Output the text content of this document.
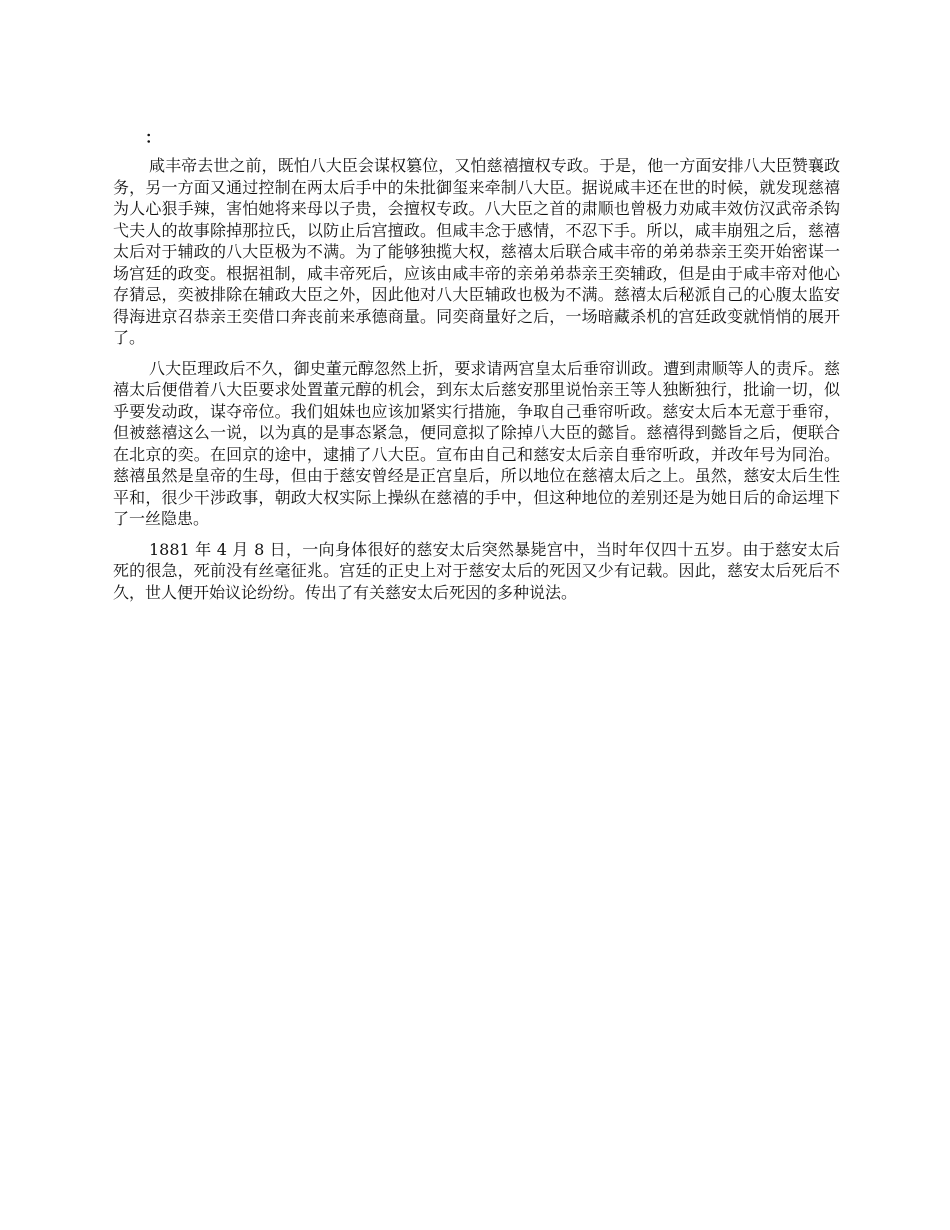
：

咸丰帝去世之前，既怕八大臣会谋权篡位，又怕慈禧擅权专政。于是，他一方面安排八大臣赞襄政务，另一方面又通过控制在两太后手中的朱批御玺来牵制八大臣。据说咸丰还在世的时候，就发现慈禧为人心狠手辣，害怕她将来母以子贵，会擅权专政。八大臣之首的肃顺也曾极力劝咸丰效仿汉武帝杀钩弋夫人的故事除掉那拉氏，以防止后宫擅政。但咸丰念于感情，不忍下手。所以，咸丰崩殂之后，慈禧太后对于辅政的八大臣极为不满。为了能够独揽大权，慈禧太后联合咸丰帝的弟弟恭亲王奕开始密谋一场宫廷的政变。根据祖制，咸丰帝死后，应该由咸丰帝的亲弟弟恭亲王奕辅政，但是由于咸丰帝对他心存猜忌，奕被排除在辅政大臣之外，因此他对八大臣辅政也极为不满。慈禧太后秘派自己的心腹太监安得海进京召恭亲王奕借口奔丧前来承德商量。同奕商量好之后，一场暗藏杀机的宫廷政变就悄悄的展开了。

八大臣理政后不久，御史董元醇忽然上折，要求请两宫皇太后垂帘训政。遭到肃顺等人的责斥。慈禧太后便借着八大臣要求处置董元醇的机会，到东太后慈安那里说怡亲王等人独断独行，批谕一切，似乎要发动政，谋夺帝位。我们姐妹也应该加紧实行措施，争取自己垂帘听政。慈安太后本无意于垂帘，但被慈禧这么一说，以为真的是事态紧急，便同意拟了除掉八大臣的懿旨。慈禧得到懿旨之后，便联合在北京的奕。在回京的途中，逮捕了八大臣。宣布由自己和慈安太后亲自垂帘听政，并改年号为同治。慈禧虽然是皇帝的生母，但由于慈安曾经是正宫皇后，所以地位在慈禧太后之上。虽然，慈安太后生性平和，很少干涉政事，朝政大权实际上操纵在慈禧的手中，但这种地位的差别还是为她日后的命运埋下了一丝隐患。

1881 年 4 月 8 日，一向身体很好的慈安太后突然暴毙宫中，当时年仅四十五岁。由于慈安太后死的很急，死前没有丝毫征兆。宫廷的正史上对于慈安太后的死因又少有记载。因此，慈安太后死后不久，世人便开始议论纷纷。传出了有关慈安太后死因的多种说法。
